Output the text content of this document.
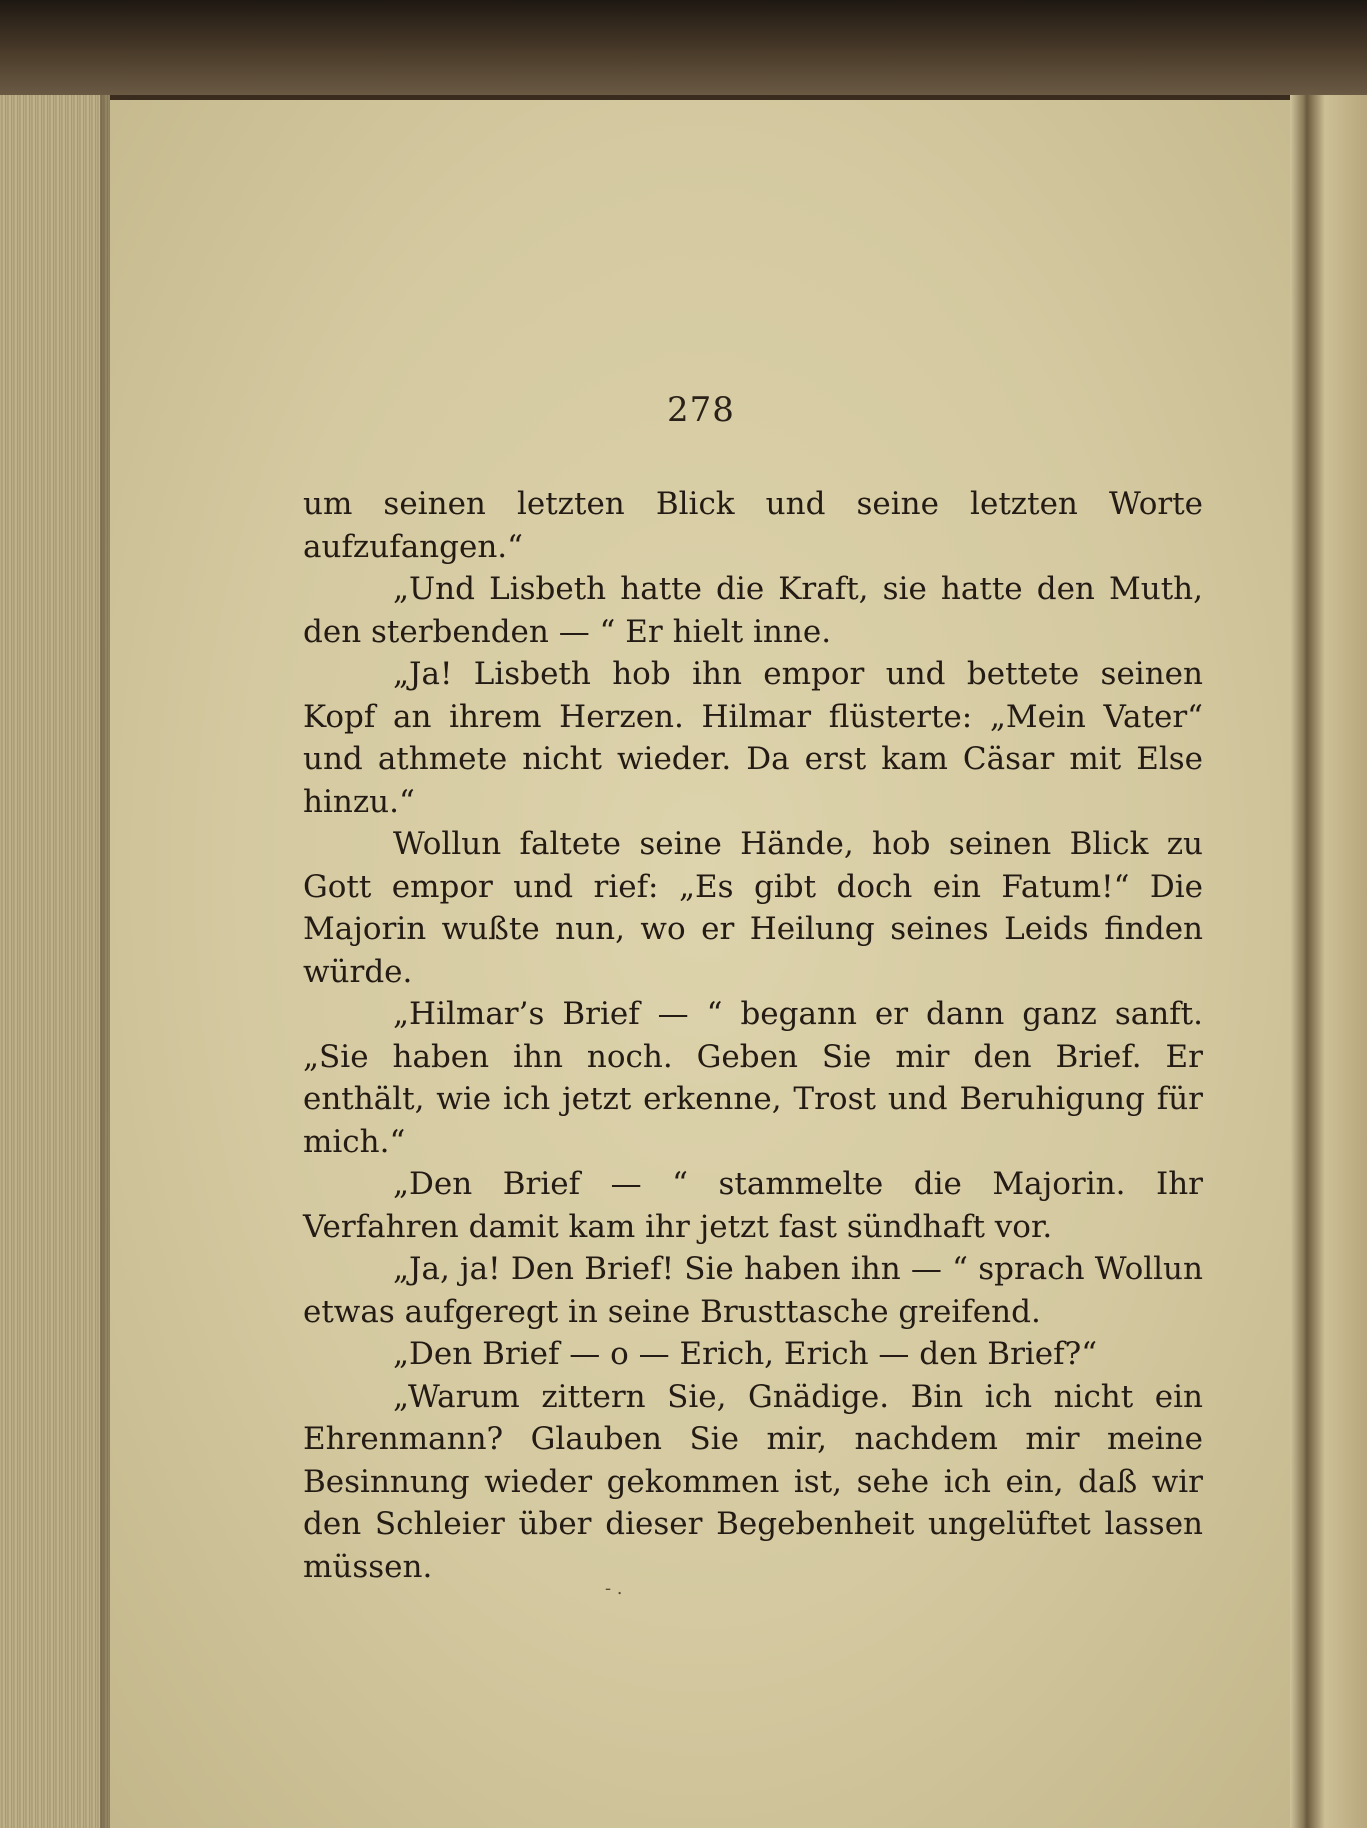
278

um seinen letzten Blick und seine letzten Worte aufzufangen.“

„Und Lisbeth hatte die Kraft, sie hatte den Muth, den sterbenden — “ Er hielt inne.

„Ja! Lisbeth hob ihn empor und bettete seinen Kopf an ihrem Herzen. Hilmar flüsterte: „Mein Vater“ und athmete nicht wieder. Da erst kam Cäsar mit Else hinzu.“

Wollun faltete seine Hände, hob seinen Blick zu Gott empor und rief: „Es gibt doch ein Fatum!“ Die Majorin wußte nun, wo er Heilung seines Leids finden würde.

„Hilmar’s Brief — “ begann er dann ganz sanft. „Sie haben ihn noch. Geben Sie mir den Brief. Er enthält, wie ich jetzt erkenne, Trost und Beruhigung für mich.“

„Den Brief — “ stammelte die Majorin. Ihr Verfahren damit kam ihr jetzt fast sündhaft vor.

„Ja, ja! Den Brief! Sie haben ihn — “ sprach Wollun etwas aufgeregt in seine Brusttasche greifend.

„Den Brief — o — Erich, Erich — den Brief?“

„Warum zittern Sie, Gnädige. Bin ich nicht ein Ehrenmann? Glauben Sie mir, nachdem mir meine Besinnung wieder gekommen ist, sehe ich ein, daß wir den Schleier über dieser Begebenheit ungelüftet lassen müssen.

‑ .
